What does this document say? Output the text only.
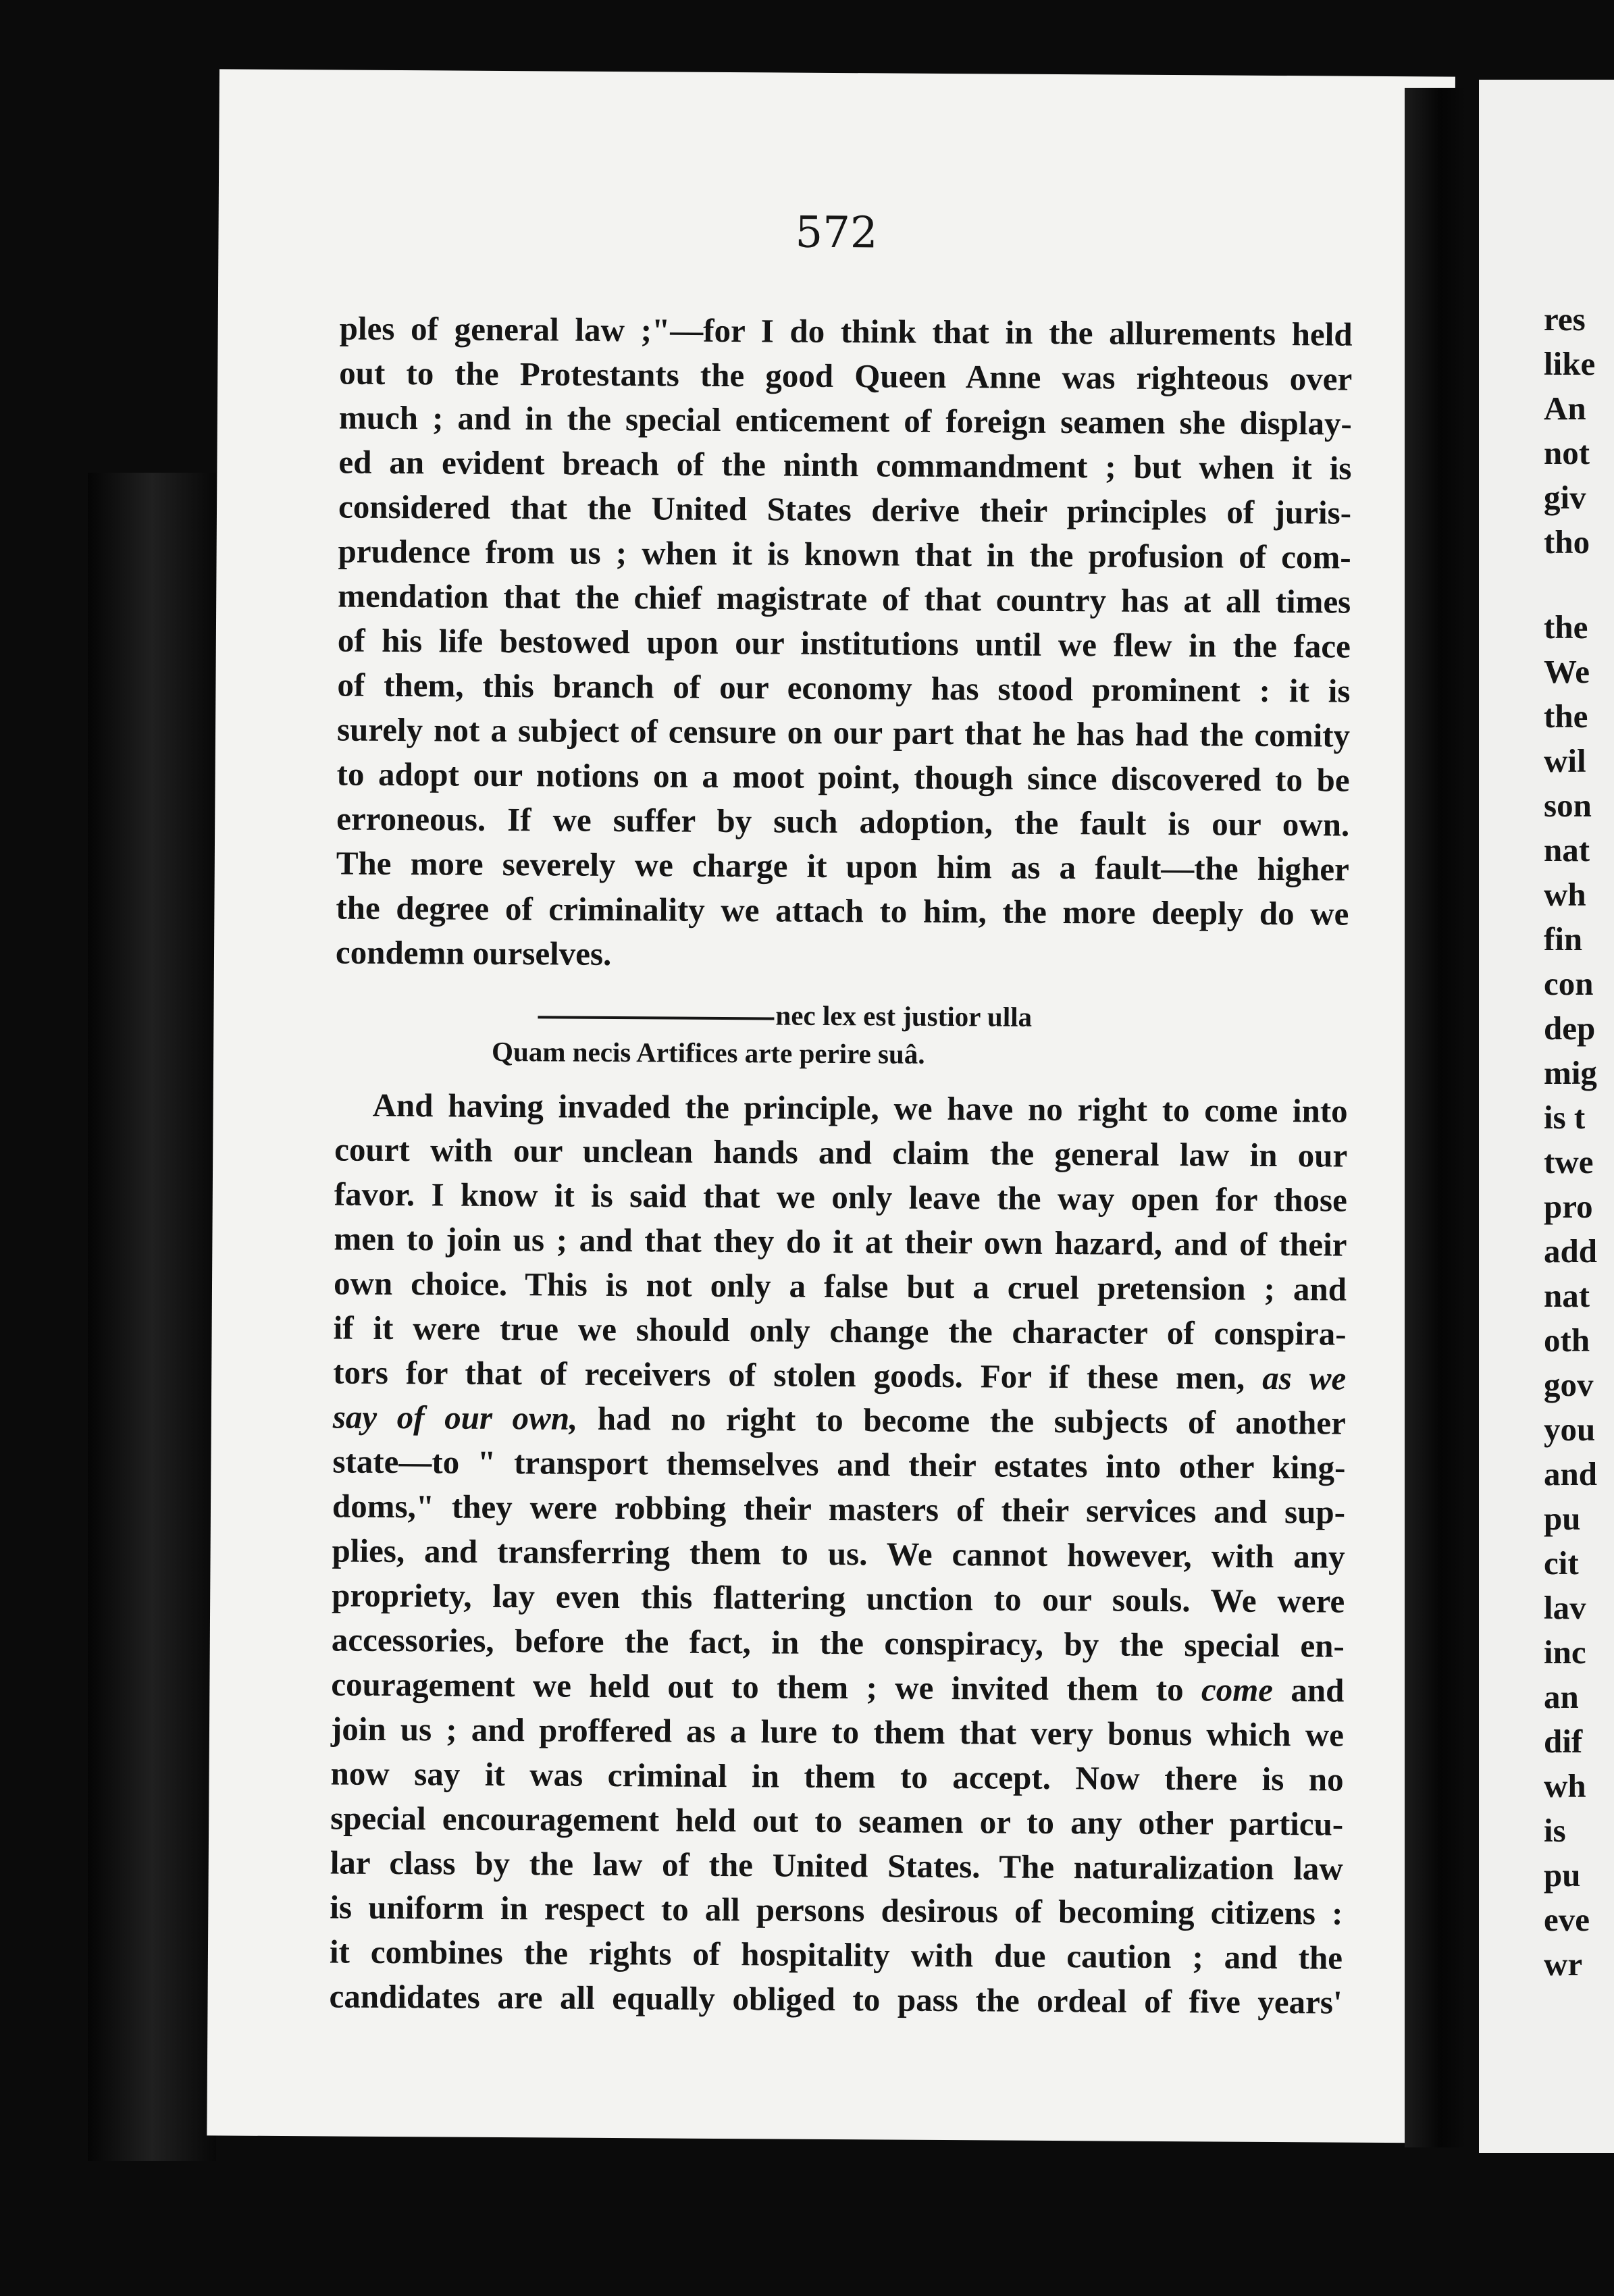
572
ples of general law ;"—for I do think that in the allurements held
out to the Protestants the good Queen Anne was righteous over
much ; and in the special enticement of foreign seamen she display-
ed an evident breach of the ninth commandment ; but when it is
considered that the United States derive their principles of juris-
prudence from us ; when it is known that in the profusion of com-
mendation that the chief magistrate of that country has at all times
of his life bestowed upon our institutions until we flew in the face
of them, this branch of our economy has stood prominent : it is
surely not a subject of censure on our part that he has had the comity
to adopt our notions on a moot point, though since discovered to be
erroneous. If we suffer by such adoption, the fault is our own.
The more severely we charge it upon him as a fault—the higher
the degree of criminality we attach to him, the more deeply do we
condemn ourselves.
nec lex est justior ulla
Quam necis Artifices arte perire suâ.
And having invaded the principle, we have no right to come into
court with our unclean hands and claim the general law in our
favor. I know it is said that we only leave the way open for those
men to join us ; and that they do it at their own hazard, and of their
own choice. This is not only a false but a cruel pretension ; and
if it were true we should only change the character of conspira-
tors for that of receivers of stolen goods. For if these men, as we
say of our own, had no right to become the subjects of another
state—to " transport themselves and their estates into other king-
doms," they were robbing their masters of their services and sup-
plies, and transferring them to us. We cannot however, with any
propriety, lay even this flattering unction to our souls. We were
accessories, before the fact, in the conspiracy, by the special en-
couragement we held out to them ; we invited them to come and
join us ; and proffered as a lure to them that very bonus which we
now say it was criminal in them to accept. Now there is no
special encouragement held out to seamen or to any other particu-
lar class by the law of the United States. The naturalization law
is uniform in respect to all persons desirous of becoming citizens :
it combines the rights of hospitality with due caution ; and the
candidates are all equally obliged to pass the ordeal of five years'
res
like
An
not
giv
tho
the
We
the
wil
son
nat
wh
fin
con
dep
mig
is t
twe
pro
add
nat
oth
gov
you
and
pu
cit
lav
inc
an
dif
wh
is
pu
eve
wr
